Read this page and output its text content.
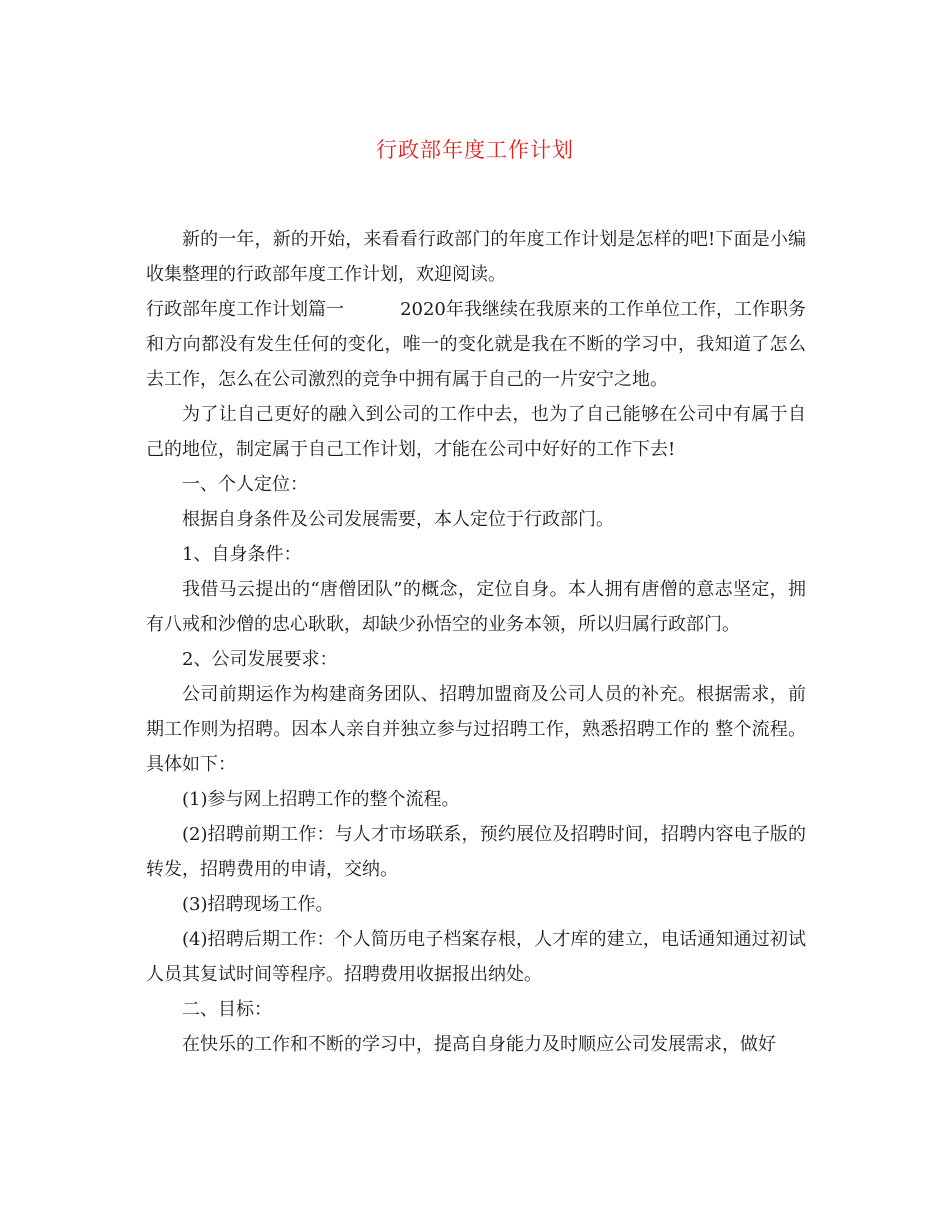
行政部年度工作计划

新的一年，新的开始，来看看行政部门的年度工作计划是怎样的吧!下面是小编收集整理的行政部年度工作计划，欢迎阅读。

行政部年度工作计划篇一	2020年我继续在我原来的工作单位工作，工作职务和方向都没有发生任何的变化，唯一的变化就是我在不断的学习中，我知道了怎么去工作，怎么在公司激烈的竞争中拥有属于自己的一片安宁之地。

为了让自己更好的融入到公司的工作中去，也为了自己能够在公司中有属于自己的地位，制定属于自己工作计划，才能在公司中好好的工作下去!

一、个人定位：

根据自身条件及公司发展需要，本人定位于行政部门。

1、自身条件：

我借马云提出的“唐僧团队”的概念，定位自身。本人拥有唐僧的意志坚定，拥有八戒和沙僧的忠心耿耿，却缺少孙悟空的业务本领，所以归属行政部门。

2、公司发展要求：

公司前期运作为构建商务团队、招聘加盟商及公司人员的补充。根据需求，前期工作则为招聘。因本人亲自并独立参与过招聘工作，熟悉招聘工作的 整个流程。具体如下：

(1)参与网上招聘工作的整个流程。

(2)招聘前期工作：与人才市场联系，预约展位及招聘时间，招聘内容电子版的转发，招聘费用的申请，交纳。

(3)招聘现场工作。

(4)招聘后期工作：个人简历电子档案存根，人才库的建立，电话通知通过初试人员其复试时间等程序。招聘费用收据报出纳处。

二、目标：

在快乐的工作和不断的学习中，提高自身能力及时顺应公司发展需求，做好
